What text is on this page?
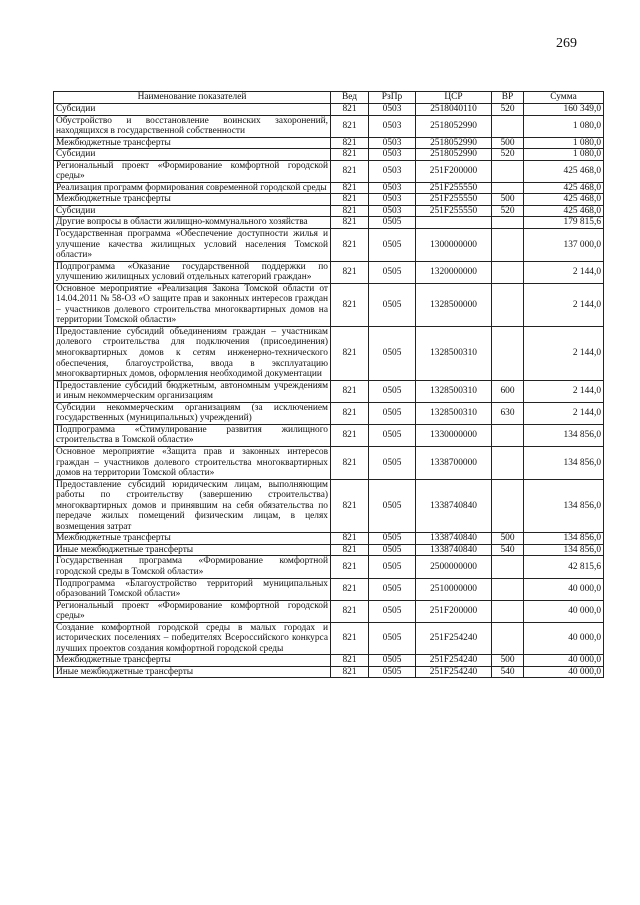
269
Наименование показателей	Вед	РзПр	ЦСР	ВР	Сумма
Субсидии	821	0503	2518040110	520	160 349,0
Обустройство и восстановление воинских захоронений, находящихся в государственной собственности	821	0503	2518052990		1 080,0
Межбюджетные трансферты	821	0503	2518052990	500	1 080,0
Субсидии	821	0503	2518052990	520	1 080,0
Региональный проект «Формирование комфортной городской среды»	821	0503	251F200000		425 468,0
Реализация программ формирования современной городской среды	821	0503	251F255550		425 468,0
Межбюджетные трансферты	821	0503	251F255550	500	425 468,0
Субсидии	821	0503	251F255550	520	425 468,0
Другие вопросы в области жилищно-коммунального хозяйства	821	0505			179 815,6
Государственная программа «Обеспечение доступности жилья и улучшение качества жилищных условий населения Томской области»	821	0505	1300000000		137 000,0
Подпрограмма «Оказание государственной поддержки по улучшению жилищных условий отдельных категорий граждан»	821	0505	1320000000		2 144,0
Основное мероприятие «Реализация Закона Томской области от 14.04.2011 № 58-ОЗ «О защите прав и законных интересов граждан – участников долевого строительства многоквартирных домов на территории Томской области»	821	0505	1328500000		2 144,0
Предоставление субсидий объединениям граждан – участникам долевого строительства для подключения (присоединения) многоквартирных домов к сетям инженерно-технического обеспечения, благоустройства, ввода в эксплуатацию многоквартирных домов, оформления необходимой документации	821	0505	1328500310		2 144,0
Предоставление субсидий бюджетным, автономным учреждениям и иным некоммерческим организациям	821	0505	1328500310	600	2 144,0
Субсидии некоммерческим организациям (за исключением государственных (муниципальных) учреждений)	821	0505	1328500310	630	2 144,0
Подпрограмма «Стимулирование развития жилищного строительства в Томской области»	821	0505	1330000000		134 856,0
Основное мероприятие «Защита прав и законных интересов граждан – участников долевого строительства многоквартирных домов на территории Томской области»	821	0505	1338700000		134 856,0
Предоставление субсидий юридическим лицам, выполняющим работы по строительству (завершению строительства) многоквартирных домов и принявшим на себя обязательства по передаче жилых помещений физическим лицам, в целях возмещения затрат	821	0505	1338740840		134 856,0
Межбюджетные трансферты	821	0505	1338740840	500	134 856,0
Иные межбюджетные трансферты	821	0505	1338740840	540	134 856,0
Государственная программа «Формирование комфортной городской среды в Томской области»	821	0505	2500000000		42 815,6
Подпрограмма «Благоустройство территорий муниципальных образований Томской области»	821	0505	2510000000		40 000,0
Региональный проект «Формирование комфортной городской среды»	821	0505	251F200000		40 000,0
Создание комфортной городской среды в малых городах и исторических поселениях – победителях Всероссийского конкурса лучших проектов создания комфортной городской среды	821	0505	251F254240		40 000,0
Межбюджетные трансферты	821	0505	251F254240	500	40 000,0
Иные межбюджетные трансферты	821	0505	251F254240	540	40 000,0
